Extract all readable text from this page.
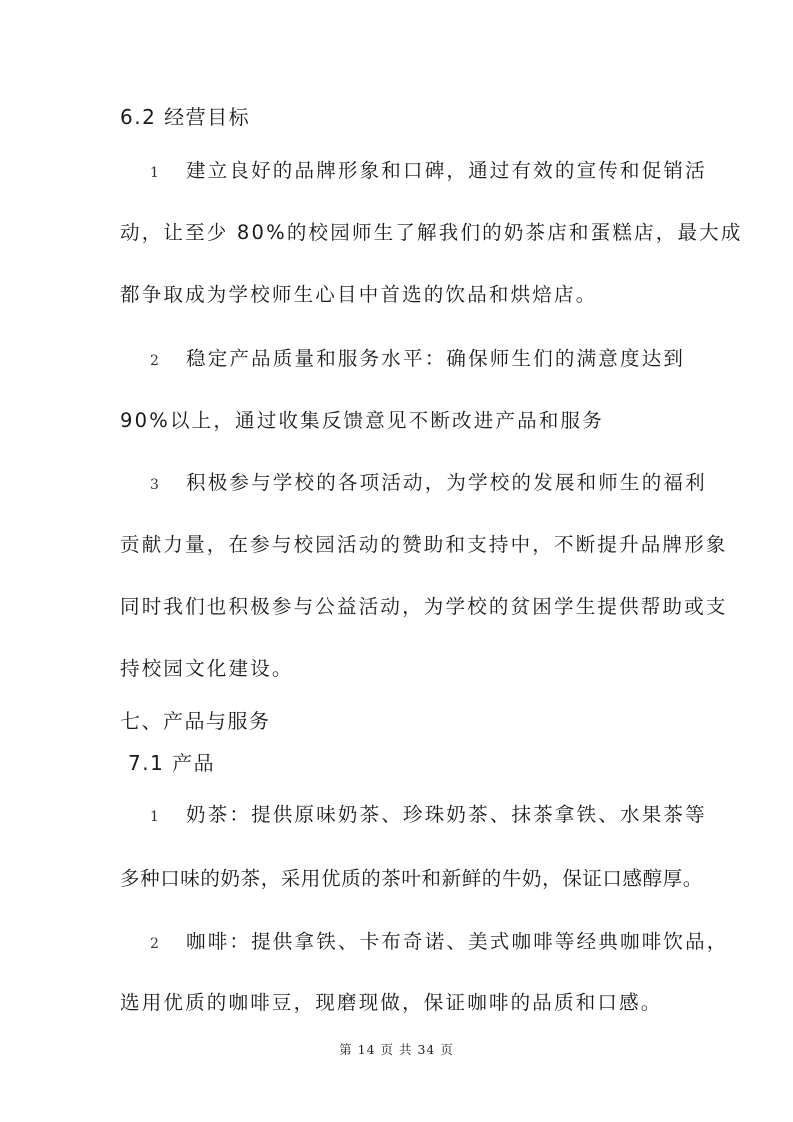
6.2 经营目标
1 建立良好的品牌形象和口碑，通过有效的宣传和促销活
动，让至少 80%的校园师生了解我们的奶茶店和蛋糕店，最大成
都争取成为学校师生心目中首选的饮品和烘焙店。
2 稳定产品质量和服务水平：确保师生们的满意度达到
90%以上，通过收集反馈意见不断改进产品和服务
3 积极参与学校的各项活动，为学校的发展和师生的福利
贡献力量，在参与校园活动的赞助和支持中，不断提升品牌形象
同时我们也积极参与公益活动，为学校的贫困学生提供帮助或支
持校园文化建设。
七、产品与服务
7.1 产品
1 奶茶：提供原味奶茶、珍珠奶茶、抹茶拿铁、水果茶等
多种口味的奶茶，采用优质的茶叶和新鲜的牛奶，保证口感醇厚。
2 咖啡：提供拿铁、卡布奇诺、美式咖啡等经典咖啡饮品，
选用优质的咖啡豆，现磨现做，保证咖啡的品质和口感。
第 14 页 共 34 页
